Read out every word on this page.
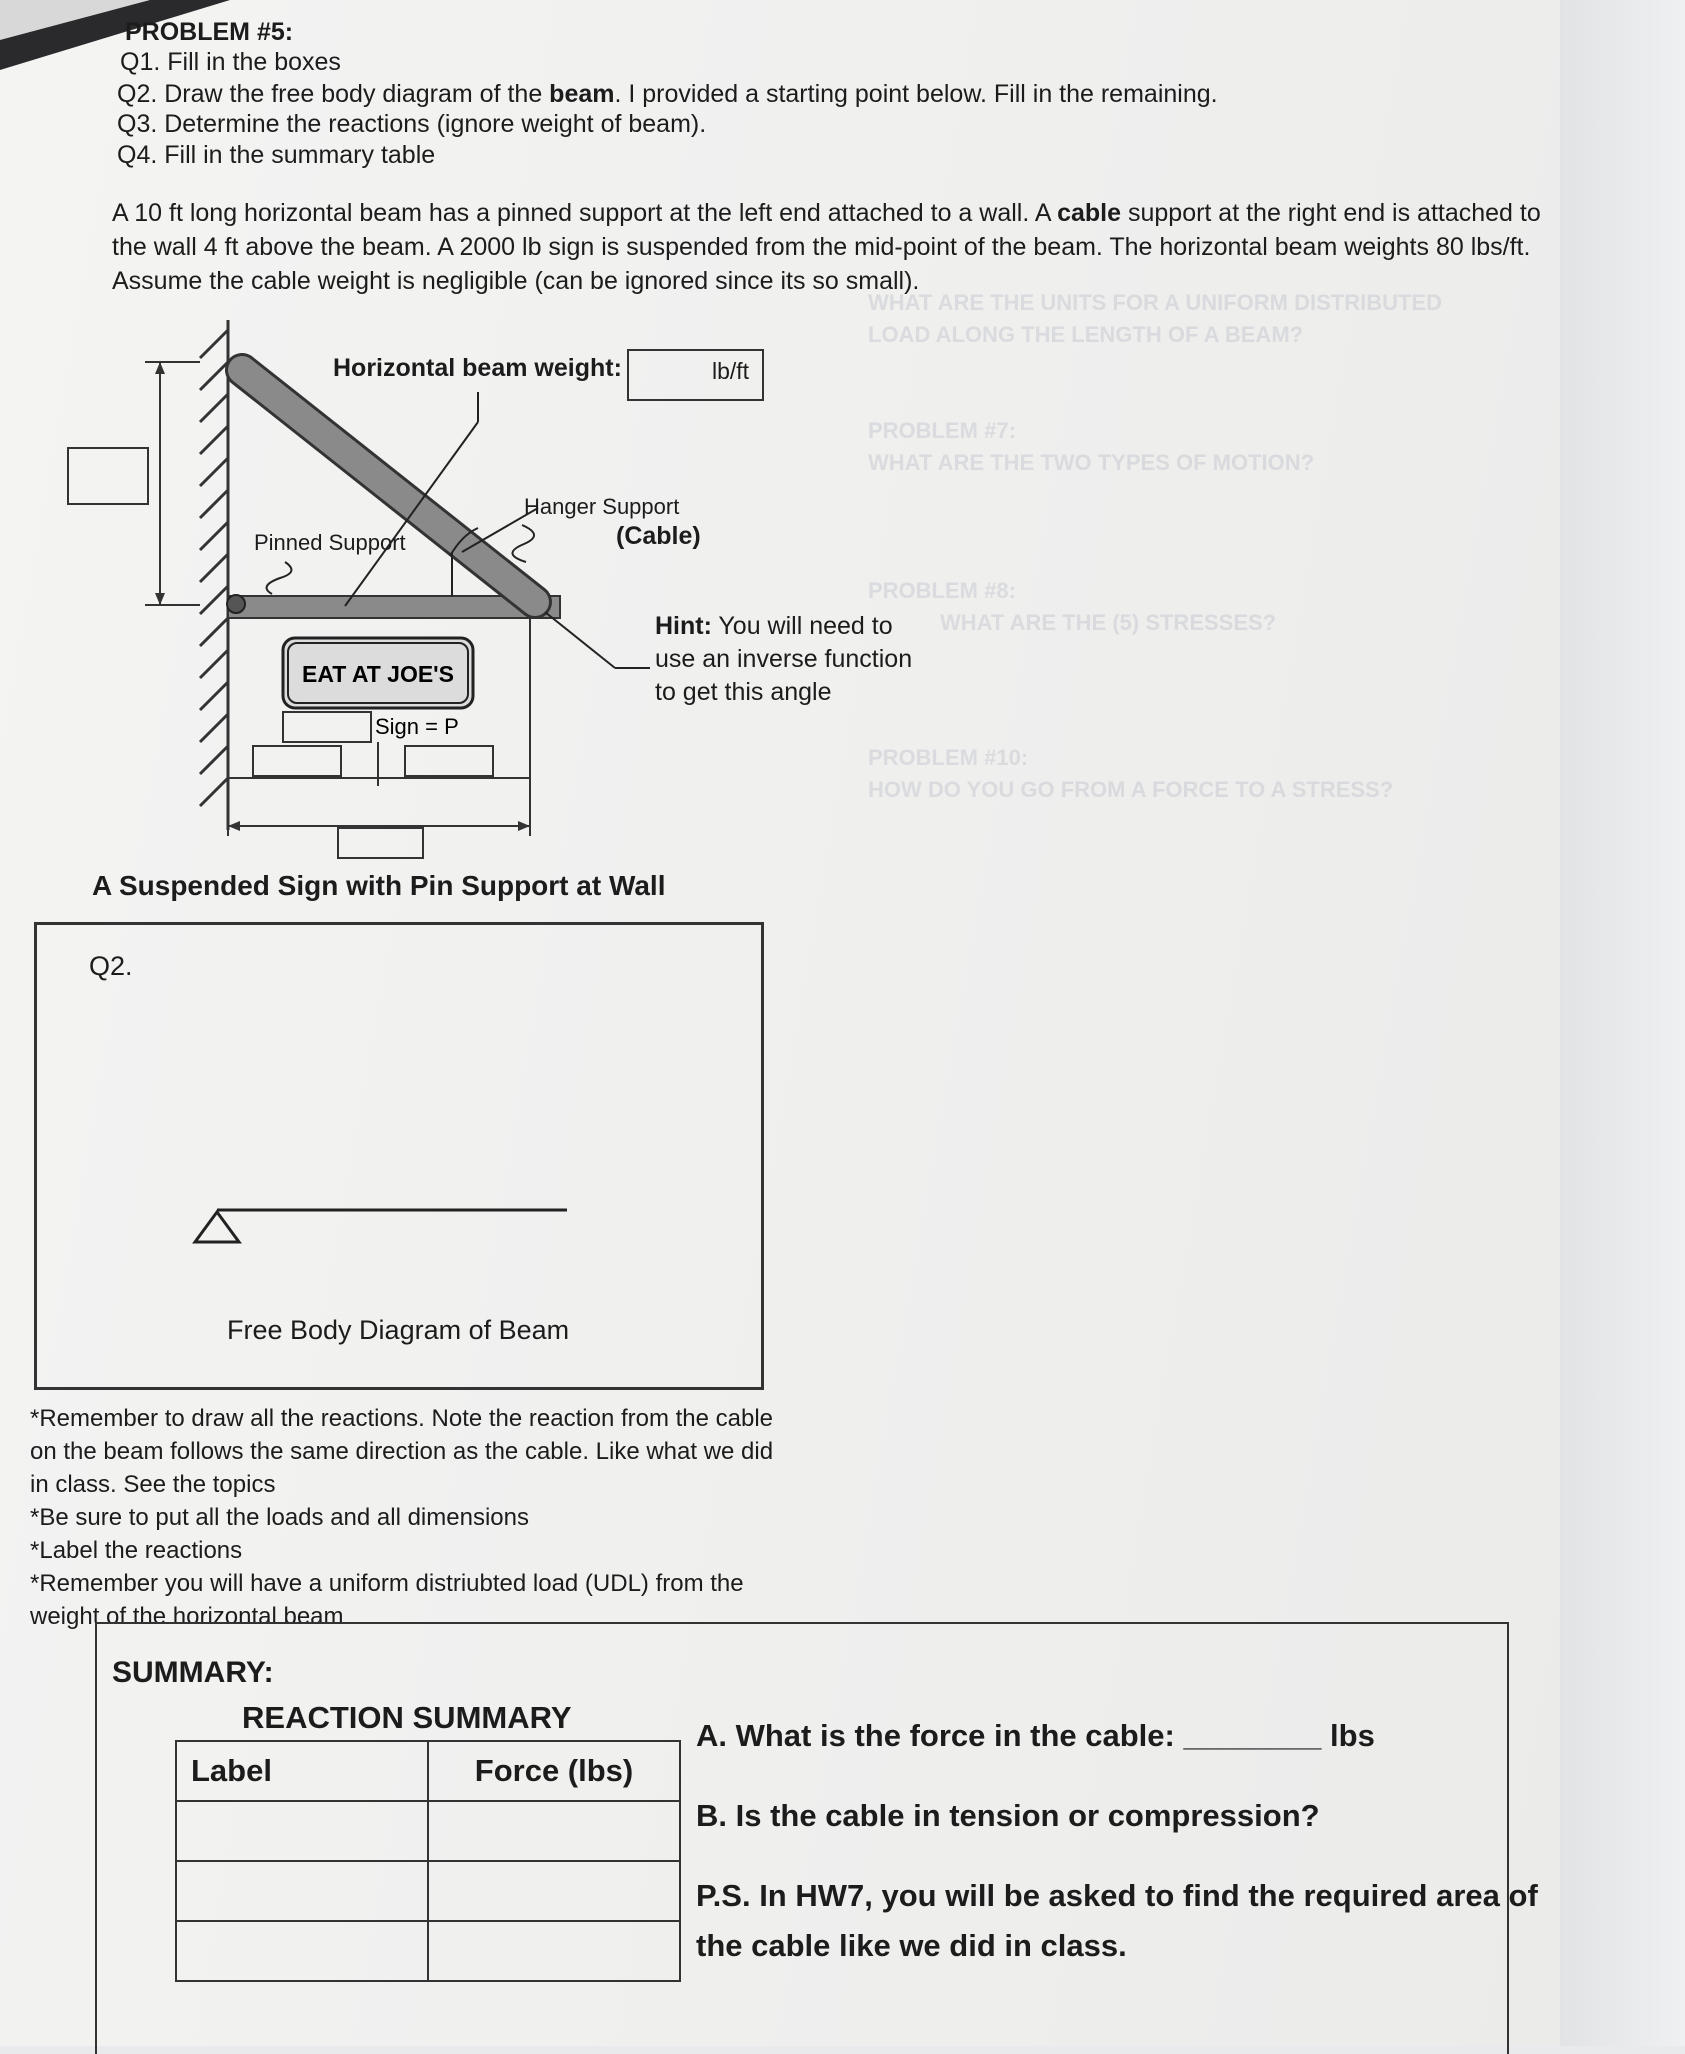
WHAT ARE THE UNITS FOR A UNIFORM DISTRIBUTED
LOAD ALONG THE LENGTH OF A BEAM?
PROBLEM #7:
WHAT ARE THE TWO TYPES OF MOTION?
PROBLEM #8:
WHAT ARE THE (5) STRESSES?
PROBLEM #10:
HOW DO YOU GO FROM A FORCE TO A STRESS?
PROBLEM #5:
Q1. Fill in the boxes
Q2. Draw the free body diagram of the beam. I provided a starting point below. Fill in the remaining.
Q3. Determine the reactions (ignore weight of beam).
Q4. Fill in the summary table
A 10 ft long horizontal beam has a pinned support at the left end attached to a wall. A cable support at the right end is attached to the wall 4 ft above the beam. A 2000 lb sign is suspended from the mid-point of the beam. The horizontal beam weights 80 lbs/ft. Assume the cable weight is negligible (can be ignored since its so small).
EAT AT JOE'S
Sign = P
Horizontal beam weight:	lb/ft
Hanger Support
(Cable)
Pinned Support
Hint: You will need to
use an inverse function
to get this angle
A Suspended Sign with Pin Support at Wall
Q2.
Free Body Diagram of Beam
*Remember to draw all the reactions. Note the reaction from the cable
on the beam follows the same direction as the cable. Like what we did
in class. See the topics
*Be sure to put all the loads and all dimensions
*Label the reactions
*Remember you will have a uniform distriubted load (UDL) from the
weight of the horizontal beam
SUMMARY:
REACTION SUMMARY
Label	Force (lbs)

A. What is the force in the cable: ________ lbs
B. Is the cable in tension or compression?
P.S. In HW7, you will be asked to find the required area of
the cable like we did in class.
